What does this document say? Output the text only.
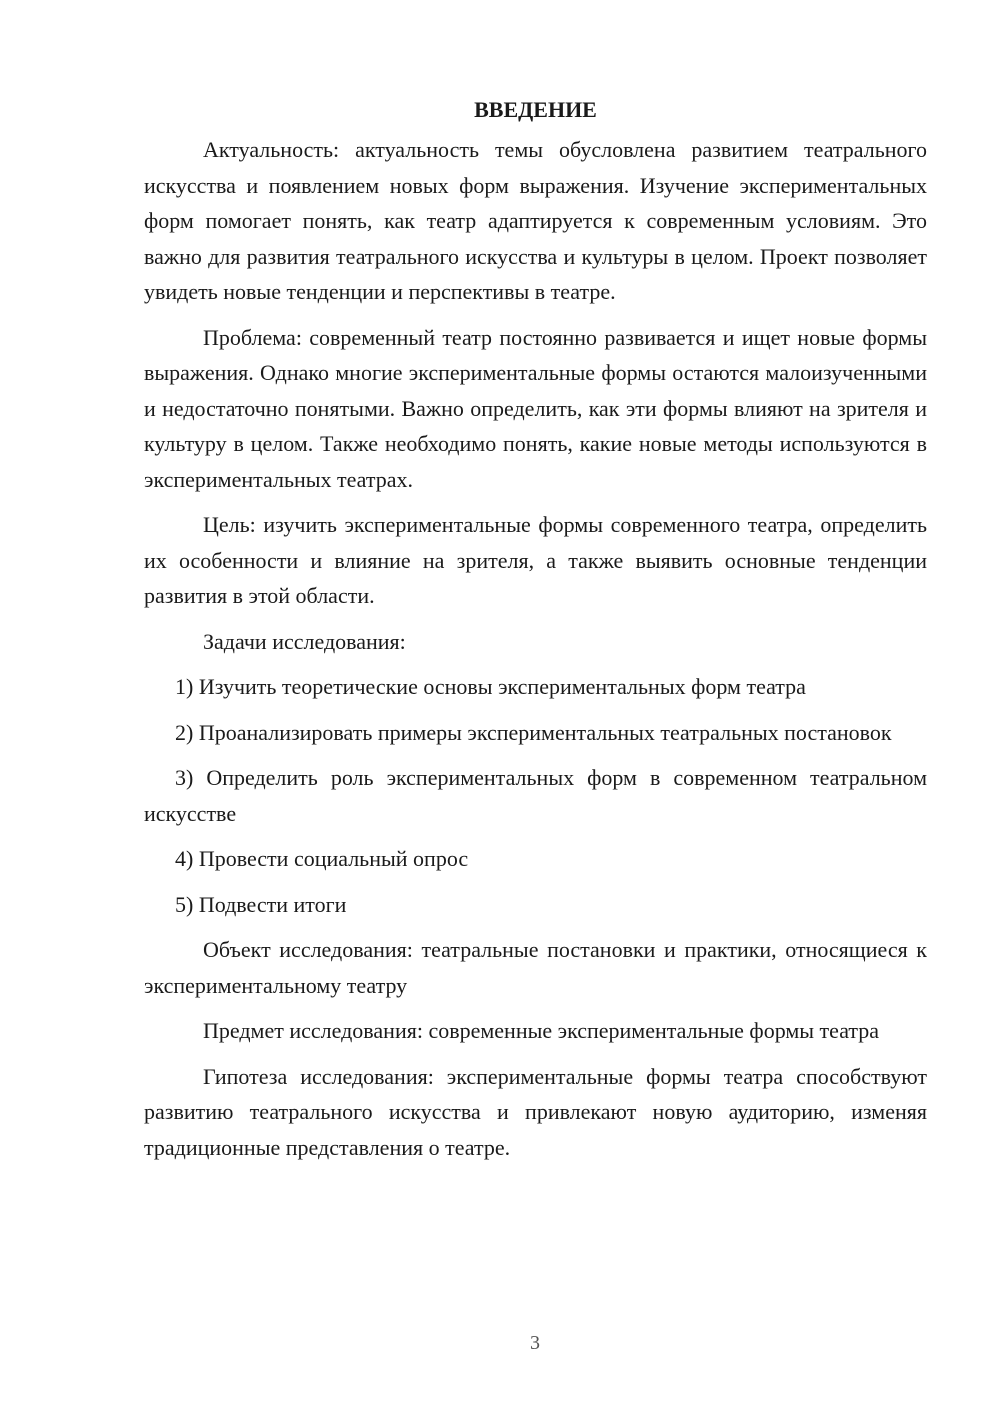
ВВЕДЕНИЕ

Актуальность: актуальность темы обусловлена развитием театрального искусства и появлением новых форм выражения. Изучение экспериментальных форм помогает понять, как театр адаптируется к современным условиям. Это важно для развития театрального искусства и культуры в целом. Проект позволяет увидеть новые тенденции и перспективы в театре.

Проблема: современный театр постоянно развивается и ищет новые формы выражения. Однако многие экспериментальные формы остаются малоизученными и недостаточно понятыми. Важно определить, как эти формы влияют на зрителя и культуру в целом. Также необходимо понять, какие новые методы используются в экспериментальных театрах.

Цель: изучить экспериментальные формы современного театра, определить их особенности и влияние на зрителя, а также выявить основные тенденции развития в этой области.

Задачи исследования:

1) Изучить теоретические основы экспериментальных форм театра

2) Проанализировать примеры экспериментальных театральных постановок

3) Определить роль экспериментальных форм в современном театральном искусстве

4) Провести социальный опрос

5) Подвести итоги

Объект исследования: театральные постановки и практики, относящиеся к экспериментальному театру

Предмет исследования: современные экспериментальные формы театра

Гипотеза исследования: экспериментальные формы театра способствуют развитию театрального искусства и привлекают новую аудиторию, изменяя традиционные представления о театре.

3
